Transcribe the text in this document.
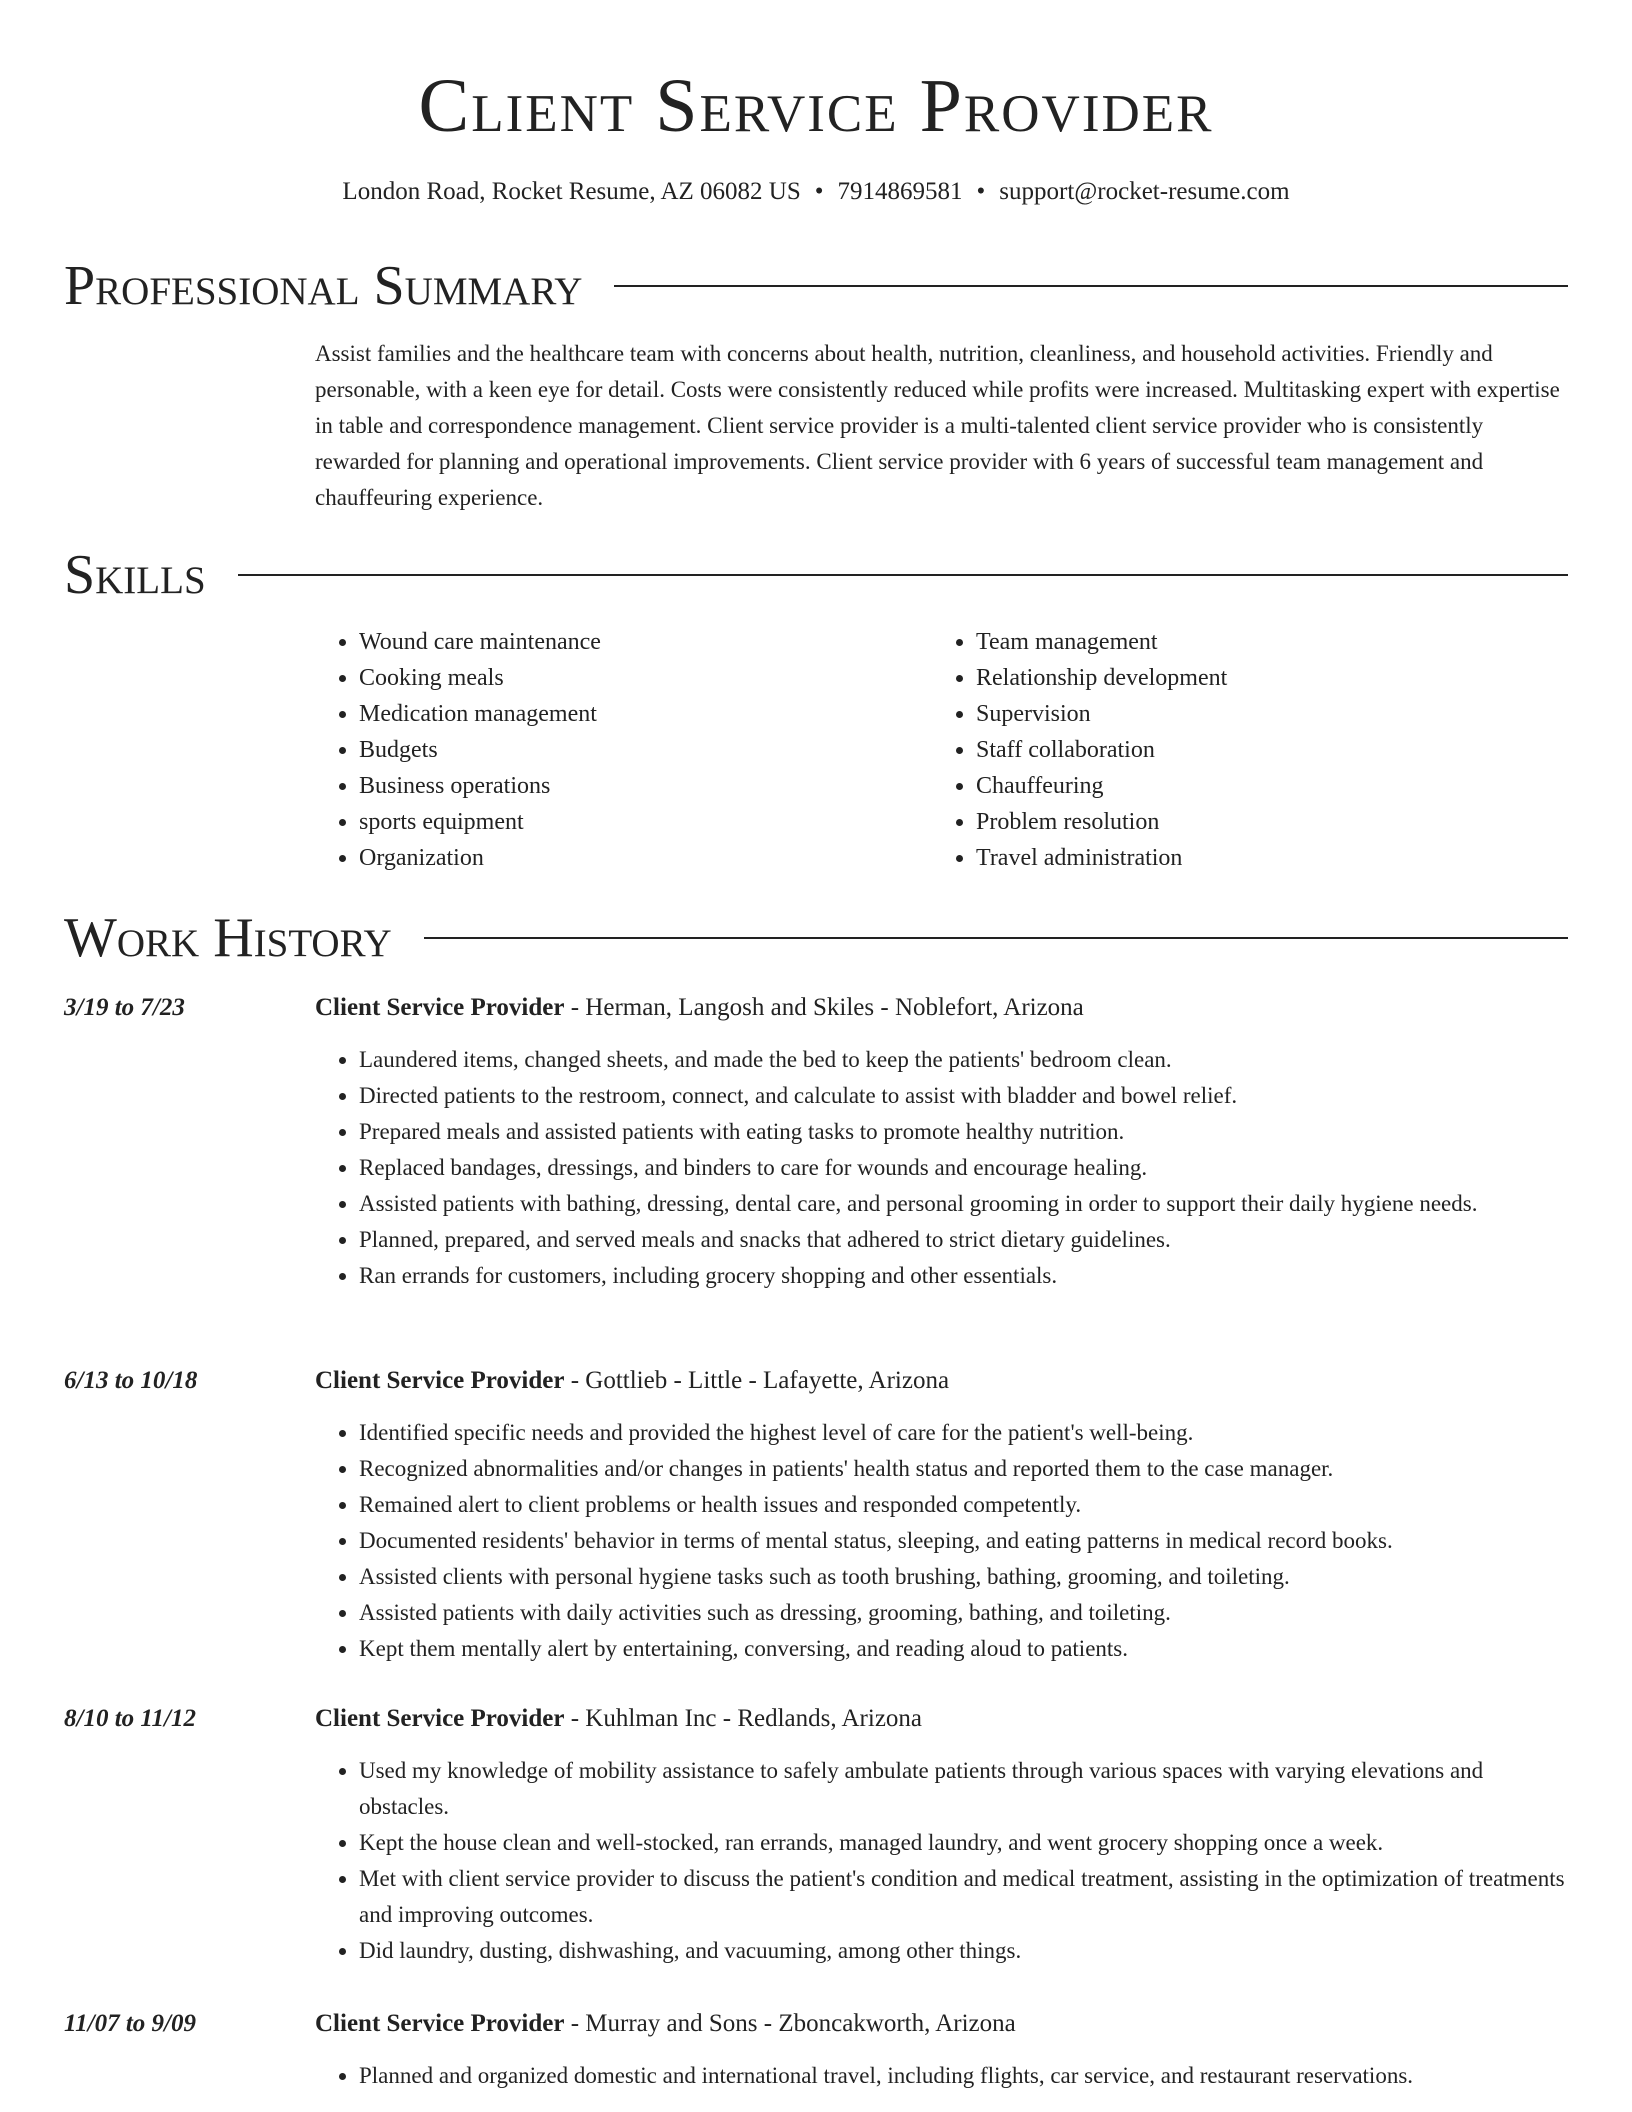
Client Service Provider
London Road, Rocket Resume, AZ 06082 US • 7914869581 • support@rocket-resume.com
Professional Summary

Assist families and the healthcare team with concerns about health, nutrition, cleanliness, and household activities. Friendly and personable, with a keen eye for detail. Costs were consistently reduced while profits were increased. Multitasking expert with expertise in table and correspondence management. Client service provider is a multi-talented client service provider who is consistently rewarded for planning and operational improvements. Client service provider with 6 years of successful team management and chauffeuring experience.

Skills
• Wound care maintenance
• Cooking meals
• Medication management
• Budgets
• Business operations
• sports equipment
• Organization
• Team management
• Relationship development
• Supervision
• Staff collaboration
• Chauffeuring
• Problem resolution
• Travel administration
Work History
3/19 to 7/23	Client Service Provider - Herman, Langosh and Skiles - Noblefort, Arizona
• Laundered items, changed sheets, and made the bed to keep the patients' bedroom clean.
• Directed patients to the restroom, connect, and calculate to assist with bladder and bowel relief.
• Prepared meals and assisted patients with eating tasks to promote healthy nutrition.
• Replaced bandages, dressings, and binders to care for wounds and encourage healing.
• Assisted patients with bathing, dressing, dental care, and personal grooming in order to support their daily hygiene needs.
• Planned, prepared, and served meals and snacks that adhered to strict dietary guidelines.
• Ran errands for customers, including grocery shopping and other essentials.
6/13 to 10/18	Client Service Provider - Gottlieb - Little - Lafayette, Arizona
• Identified specific needs and provided the highest level of care for the patient's well-being.
• Recognized abnormalities and/or changes in patients' health status and reported them to the case manager.
• Remained alert to client problems or health issues and responded competently.
• Documented residents' behavior in terms of mental status, sleeping, and eating patterns in medical record books.
• Assisted clients with personal hygiene tasks such as tooth brushing, bathing, grooming, and toileting.
• Assisted patients with daily activities such as dressing, grooming, bathing, and toileting.
• Kept them mentally alert by entertaining, conversing, and reading aloud to patients.
8/10 to 11/12	Client Service Provider - Kuhlman Inc - Redlands, Arizona
• Used my knowledge of mobility assistance to safely ambulate patients through various spaces with varying elevations and obstacles.
• Kept the house clean and well-stocked, ran errands, managed laundry, and went grocery shopping once a week.
• Met with client service provider to discuss the patient's condition and medical treatment, assisting in the optimization of treatments and improving outcomes.
• Did laundry, dusting, dishwashing, and vacuuming, among other things.
11/07 to 9/09	Client Service Provider - Murray and Sons - Zboncakworth, Arizona
• Planned and organized domestic and international travel, including flights, car service, and restaurant reservations.
